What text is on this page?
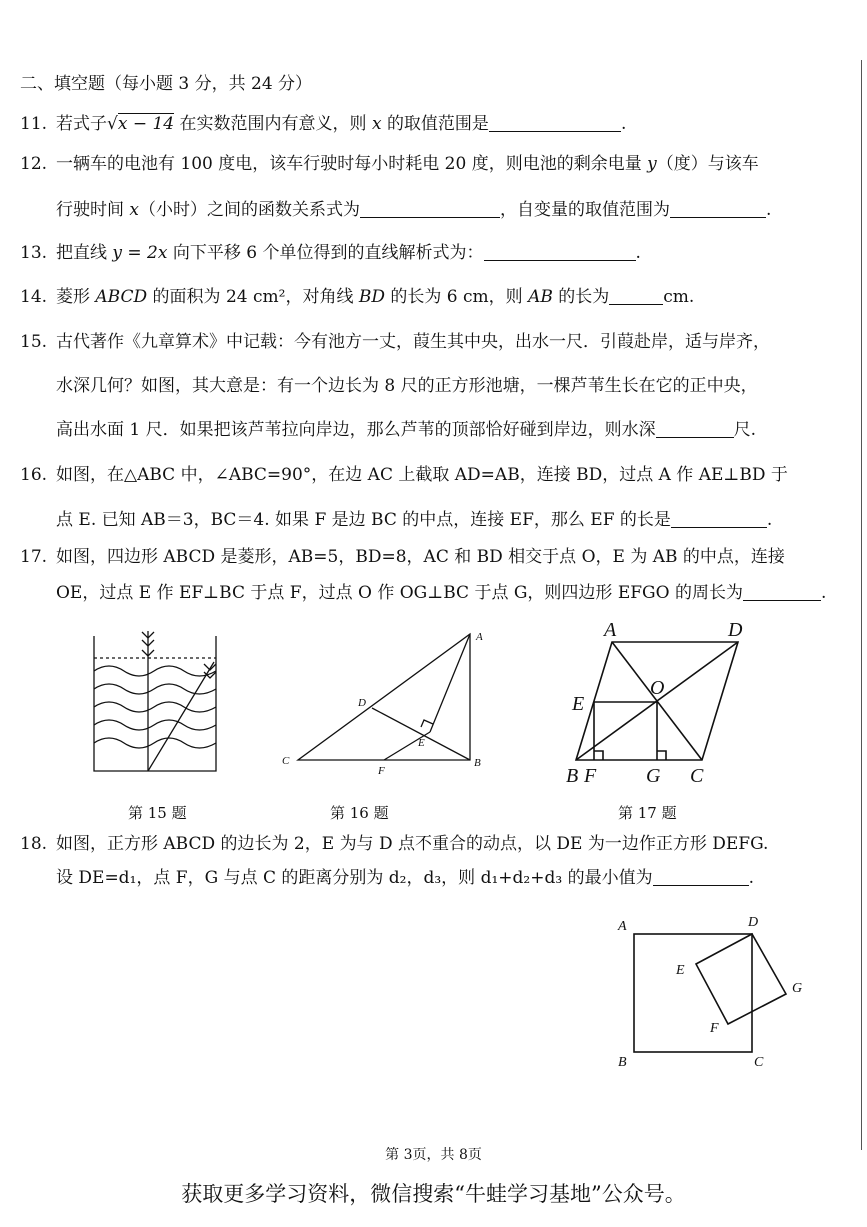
二、填空题（每小题 3 分，共 24 分）
11. 若式子√x − 14 在实数范围内有意义，则 x 的取值范围是	.
12. 一辆车的电池有 100 度电，该车行驶时每小时耗电 20 度，则电池的剩余电量 y（度）与该车
行驶时间 x（小时）之间的函数关系式为	，自变量的取值范围为	.
13. 把直线 y = 2x 向下平移 6 个单位得到的直线解析式为：	.
14. 菱形 ABCD 的面积为 24 cm²，对角线 BD 的长为 6 cm，则 AB 的长为	cm.
15. 古代著作《九章算术》中记载：今有池方一丈，葭生其中央，出水一尺．引葭赴岸，适与岸齐，
水深几何？如图，其大意是：有一个边长为 8 尺的正方形池塘，一棵芦苇生长在它的正中央，
高出水面 1 尺．如果把该芦苇拉向岸边，那么芦苇的顶部恰好碰到岸边，则水深	尺.
16. 如图，在△ABC 中，∠ABC=90°，在边 AC 上截取 AD=AB，连接 BD，过点 A 作 AE⊥BD 于
点 E. 已知 AB＝3，BC＝4. 如果 F 是边 BC 的中点，连接 EF，那么 EF 的长是	.
17. 如图，四边形 ABCD 是菱形，AB=5，BD=8，AC 和 BD 相交于点 O，E 为 AB 的中点，连接
OE，过点 E 作 EF⊥BC 于点 F，过点 O 作 OG⊥BC 于点 G，则四边形 EFGO 的周长为	.
第 15 题
A
D
E
C
F
B
第 16 题
A	D
O
E
B F G C
第 17 题
18. 如图，正方形 ABCD 的边长为 2，E 为与 D 点不重合的动点，以 DE 为一边作正方形 DEFG.
设 DE=d₁，点 F，G 与点 C 的距离分别为 d₂，d₃，则 d₁+d₂+d₃ 的最小值为	.
A	D
E
G
F
B	C
第 3页，共 8页
获取更多学习资料，微信搜索“牛蛙学习基地”公众号。
